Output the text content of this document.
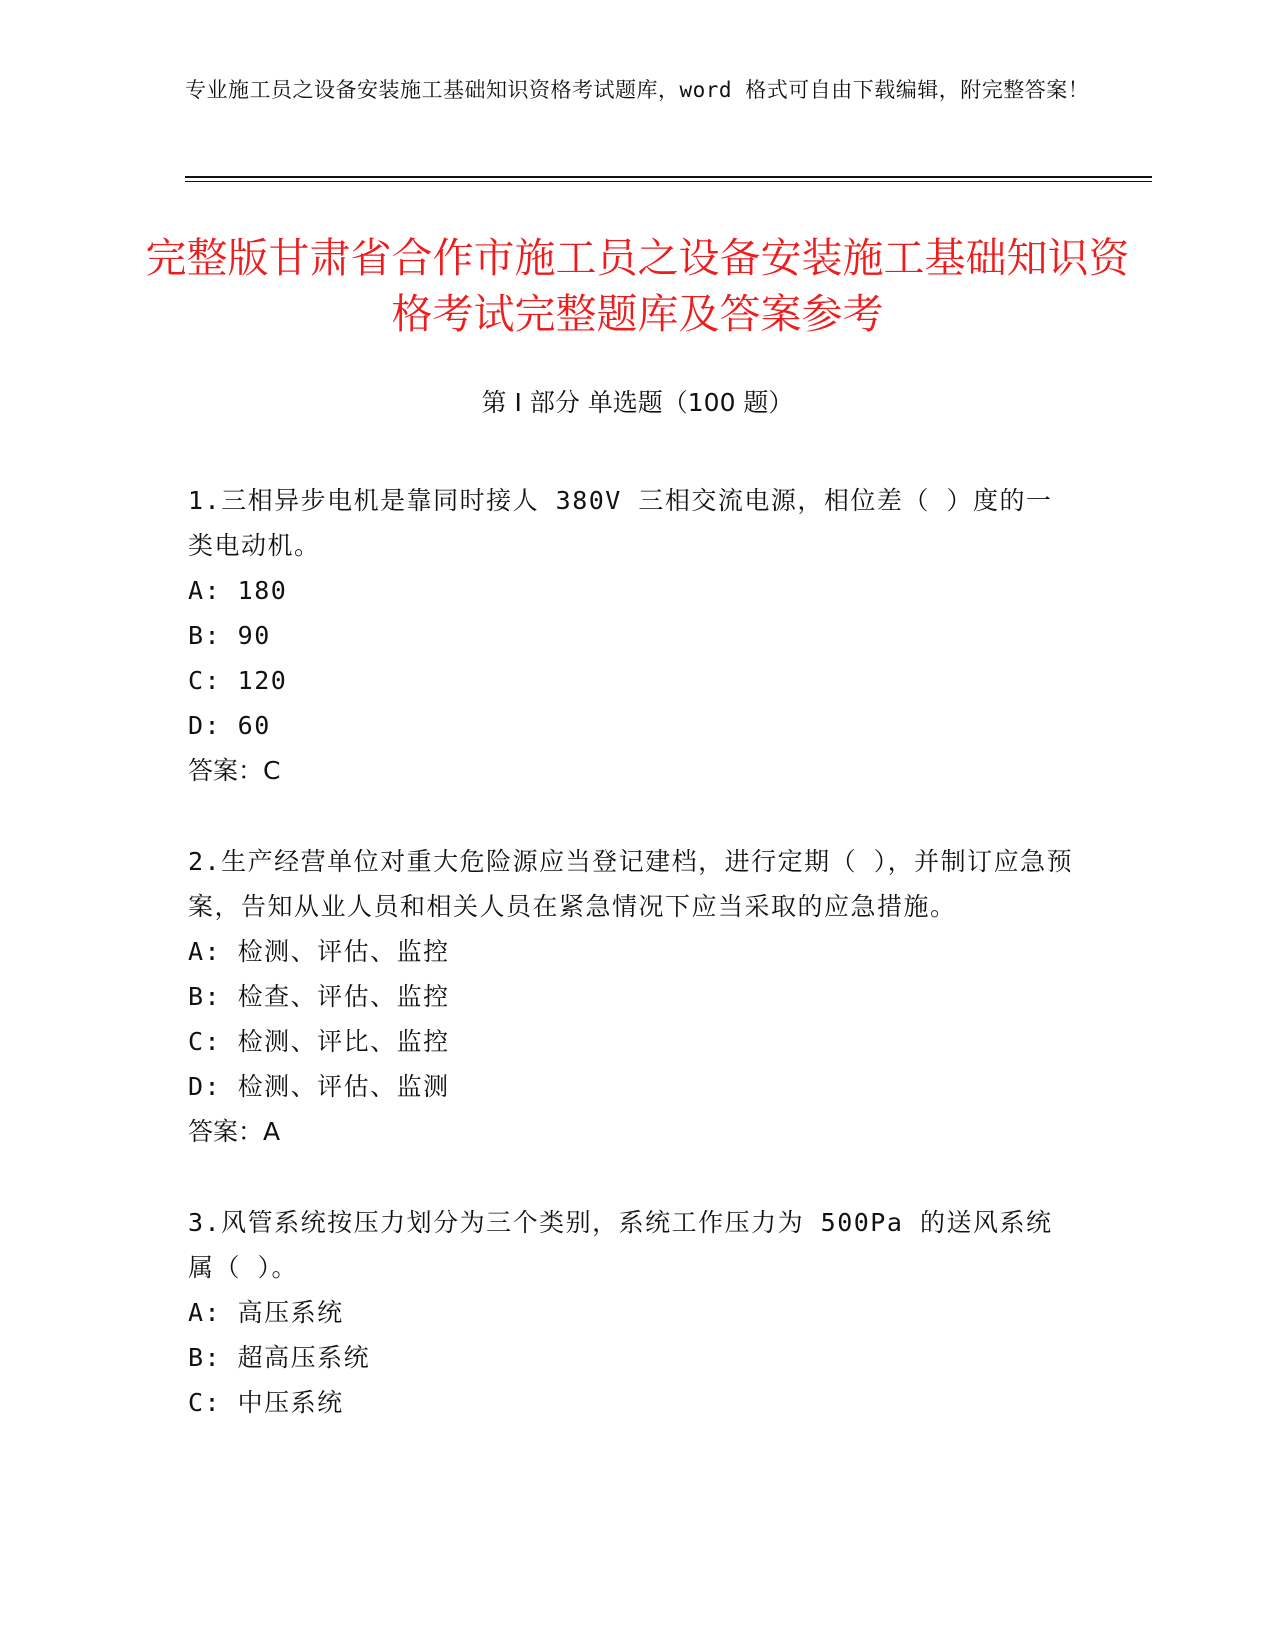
专业施工员之设备安装施工基础知识资格考试题库，word 格式可自由下载编辑，附完整答案！
完整版甘肃省合作市施工员之设备安装施工基础知识资格考试完整题库及答案参考
第 I 部分 单选题（100 题）
1.三相异步电机是靠同时接人 380V 三相交流电源，相位差（ ）度的一类电动机。
A: 180
B: 90
C: 120
D: 60
答案：C
2.生产经营单位对重大危险源应当登记建档，进行定期（ ），并制订应急预案，告知从业人员和相关人员在紧急情况下应当采取的应急措施。
A: 检测、评估、监控
B: 检查、评估、监控
C: 检测、评比、监控
D: 检测、评估、监测
答案：A
3.风管系统按压力划分为三个类别，系统工作压力为 500Pa 的送风系统属（ ）。
A: 高压系统
B: 超高压系统
C: 中压系统
